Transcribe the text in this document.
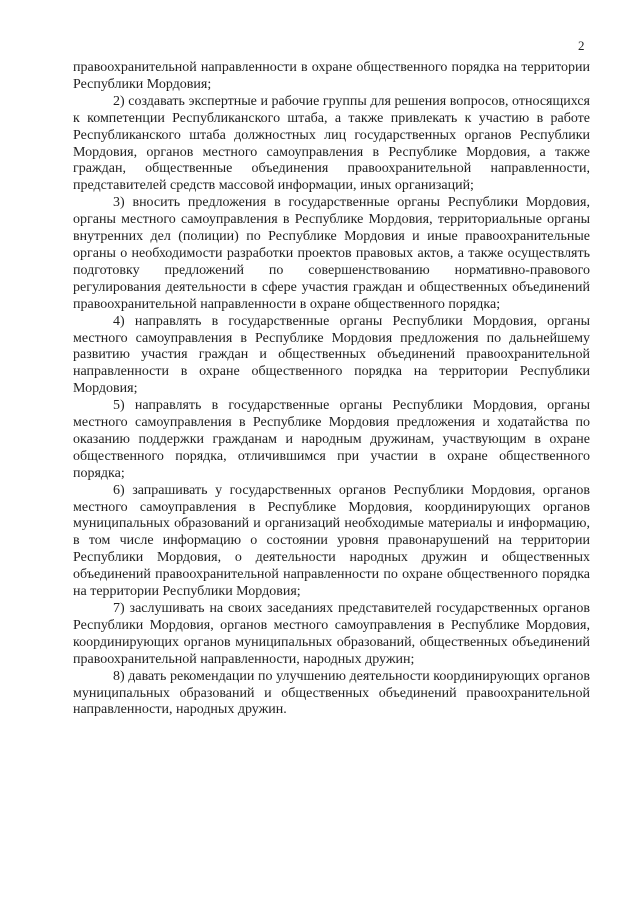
2

правоохранительной направленности в охране общественного порядка на территории Республики Мордовия;

2) создавать экспертные и рабочие группы для решения вопросов, относящихся к компетенции Республиканского штаба, а также привлекать к участию в работе Республиканского штаба должностных лиц государственных органов Республики Мордовия, органов местного самоуправления в Республике Мордовия, а также граждан, общественные объединения правоохранительной направленности, представителей средств массовой информации, иных организаций;

3) вносить предложения в государственные органы Республики Мордовия, органы местного самоуправления в Республике Мордовия, территориальные органы внутренних дел (полиции) по Республике Мордовия и иные правоохранительные органы о необходимости разработки проектов правовых актов, а также осуществлять подготовку предложений по совершенствованию нормативно-правового регулирования деятельности в сфере участия граждан и общественных объединений правоохранительной направленности в охране общественного порядка;

4) направлять в государственные органы Республики Мордовия, органы местного самоуправления в Республике Мордовия предложения по дальнейшему развитию участия граждан и общественных объединений правоохранительной направленности в охране общественного порядка на территории Республики Мордовия;

5) направлять в государственные органы Республики Мордовия, органы местного самоуправления в Республике Мордовия предложения и ходатайства по оказанию поддержки гражданам и народным дружинам, участвующим в охране общественного порядка, отличившимся при участии в охране общественного порядка;

6) запрашивать у государственных органов Республики Мордовия, органов местного самоуправления в Республике Мордовия, координирующих органов муниципальных образований и организаций необходимые материалы и информацию, в том числе информацию о состоянии уровня правонарушений на территории Республики Мордовия, о деятельности народных дружин и общественных объединений правоохранительной направленности по охране общественного порядка на территории Республики Мордовия;

7) заслушивать на своих заседаниях представителей государственных органов Республики Мордовия, органов местного самоуправления в Республике Мордовия, координирующих органов муниципальных образований, общественных объединений правоохранительной направленности, народных дружин;

8) давать рекомендации по улучшению деятельности координирующих органов муниципальных образований и общественных объединений правоохранительной направленности, народных дружин.
